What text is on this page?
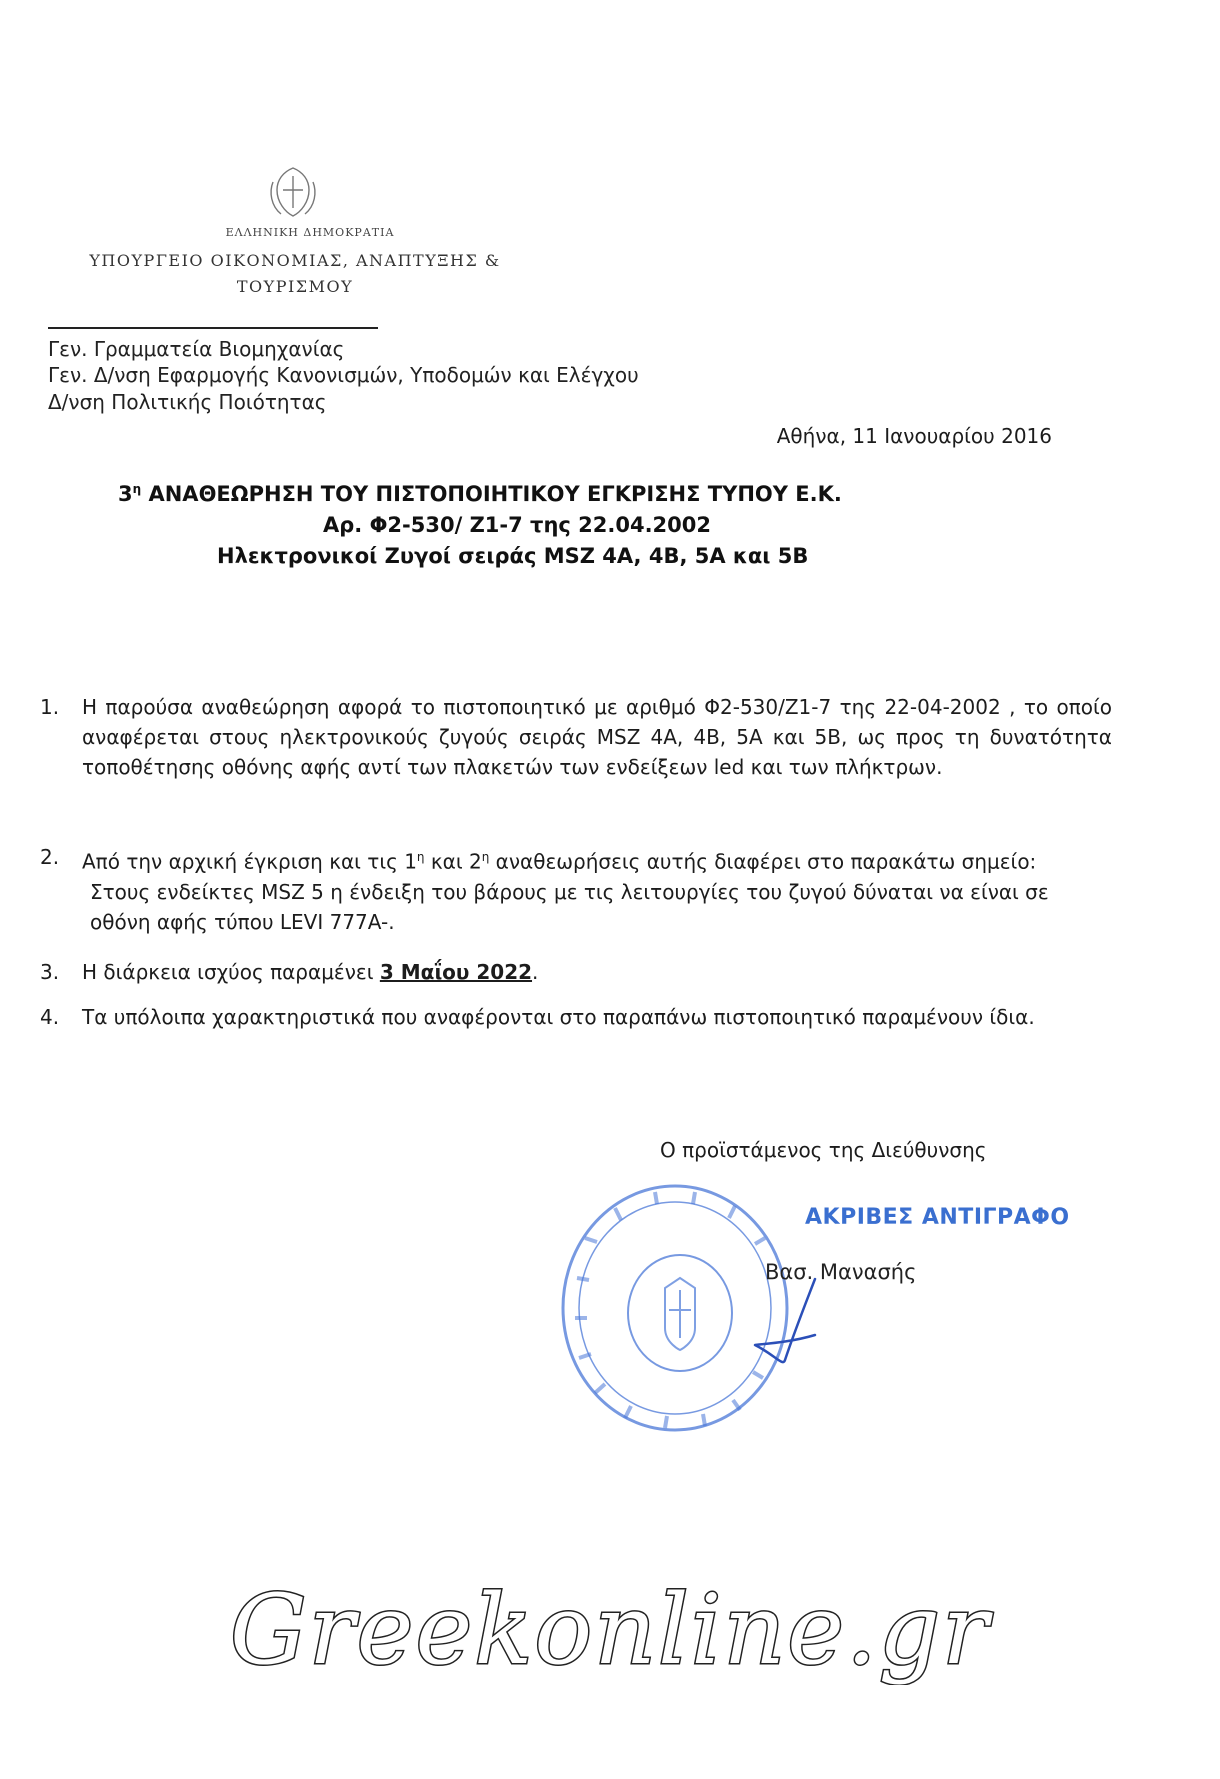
ΕΛΛΗΝΙΚΗ ΔΗΜΟΚΡΑΤΙΑ
ΥΠΟΥΡΓΕΙΟ ΟΙΚΟΝΟΜΙΑΣ, ΑΝΑΠΤΥΞΗΣ &
ΤΟΥΡΙΣΜΟΥ
Γεν. Γραμματεία Βιομηχανίας
Γεν. Δ/νση Εφαρμογής Κανονισμών, Υποδομών και Ελέγχου
Δ/νση Πολιτικής Ποιότητας
Αθήνα, 11 Ιανουαρίου 2016
$3^\eta$ ΑΝΑΘΕΩΡΗΣΗ ΤΟΥ ΠΙΣΤΟΠΟΙΗΤΙΚΟΥ ΕΓΚΡΙΣΗΣ ΤΥΠΟΥ Ε.Κ.
Αρ. Φ2-530/ Ζ1-7 της 22.04.2002
Ηλεκτρονικοί Ζυγοί σειράς MSZ 4A, 4B, 5A και 5B
1.	Η παρούσα αναθεώρηση αφορά το πιστοποιητικό με αριθμό Φ2-530/Ζ1-7 της 22-04-2002 , το οποίο αναφέρεται στους ηλεκτρονικούς ζυγούς σειράς MSZ 4A, 4B, 5A και 5B, ως προς τη δυνατότητα τοποθέτησης οθόνης αφής αντί των πλακετών των ενδείξεων led και των πλήκτρων.
2.	Από την αρχική έγκριση και τις $1^\eta$ και $2^\eta$ αναθεωρήσεις αυτής διαφέρει στο παρακάτω σημείο:
Στους ενδείκτες MSZ 5 η ένδειξη του βάρους με τις λειτουργίες του ζυγού δύναται να είναι σε
οθόνη αφής τύπου LEVI 777A-.
3.	Η διάρκεια ισχύος παραμένει 3 Μαΐου 2022.
4.	Τα υπόλοιπα χαρακτηριστικά που αναφέρονται στο παραπάνω πιστοποιητικό παραμένουν ίδια.
Ο προϊστάμενος της Διεύθυνσης
ΑΚΡΙΒΕΣ ΑΝΤΙΓΡΑΦΟ
Βασ. Μανασής
Greekonline.gr
